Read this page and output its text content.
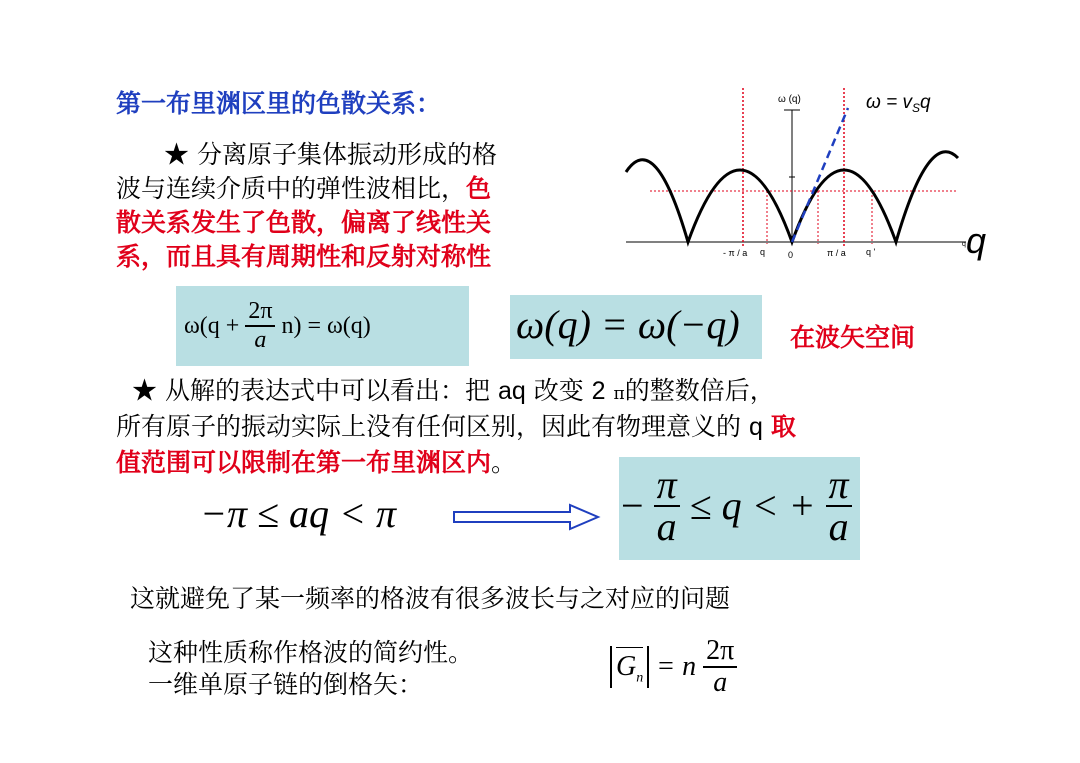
第一布里渊区里的色散关系：
★ 分离原子集体振动形成的格
波与连续介质中的弹性波相比，色
散关系发生了色散，偏离了线性关
系，而且具有周期性和反射对称性
ω (q)	$\omega = v_Sq$
- π / a q	0	π / a q '
q q
$\omega(q + \frac{2\pi}{a} n) = \omega(q)$	ω(q) = ω(−q) 在波矢空间
★ 从解的表达式中可以看出：把 aq 改变 2 π的整数倍后，
所有原子的振动实际上没有任何区别，因此有物理意义的 q 取
值范围可以限制在第一布里渊区内。
−π ≤ aq < π	− $\frac{\pi}{a} \le q$ < + $\frac{\pi}{a}$
这就避免了某一频率的格波有很多波长与之对应的问题
这种性质称作格波的简约性。
一维单原子链的倒格矢：
$G_n = n \frac{2\pi}{a}$
